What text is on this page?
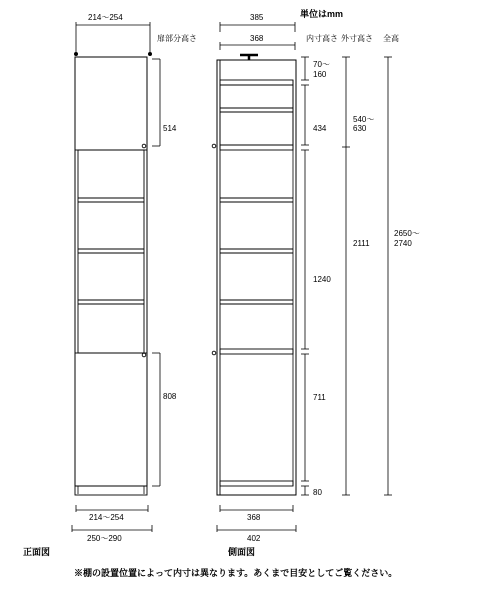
214～254
514
808
214～254
250～290
正面図
扉部分高さ
単位はmm
内寸高さ 外寸高さ 全高
385
368
70～
160
434
1240
711
80
540～
630
2111
2650～
2740
368
402
側面図
※棚の設置位置によって内寸は異なります。あくまで目安としてご覧ください。
